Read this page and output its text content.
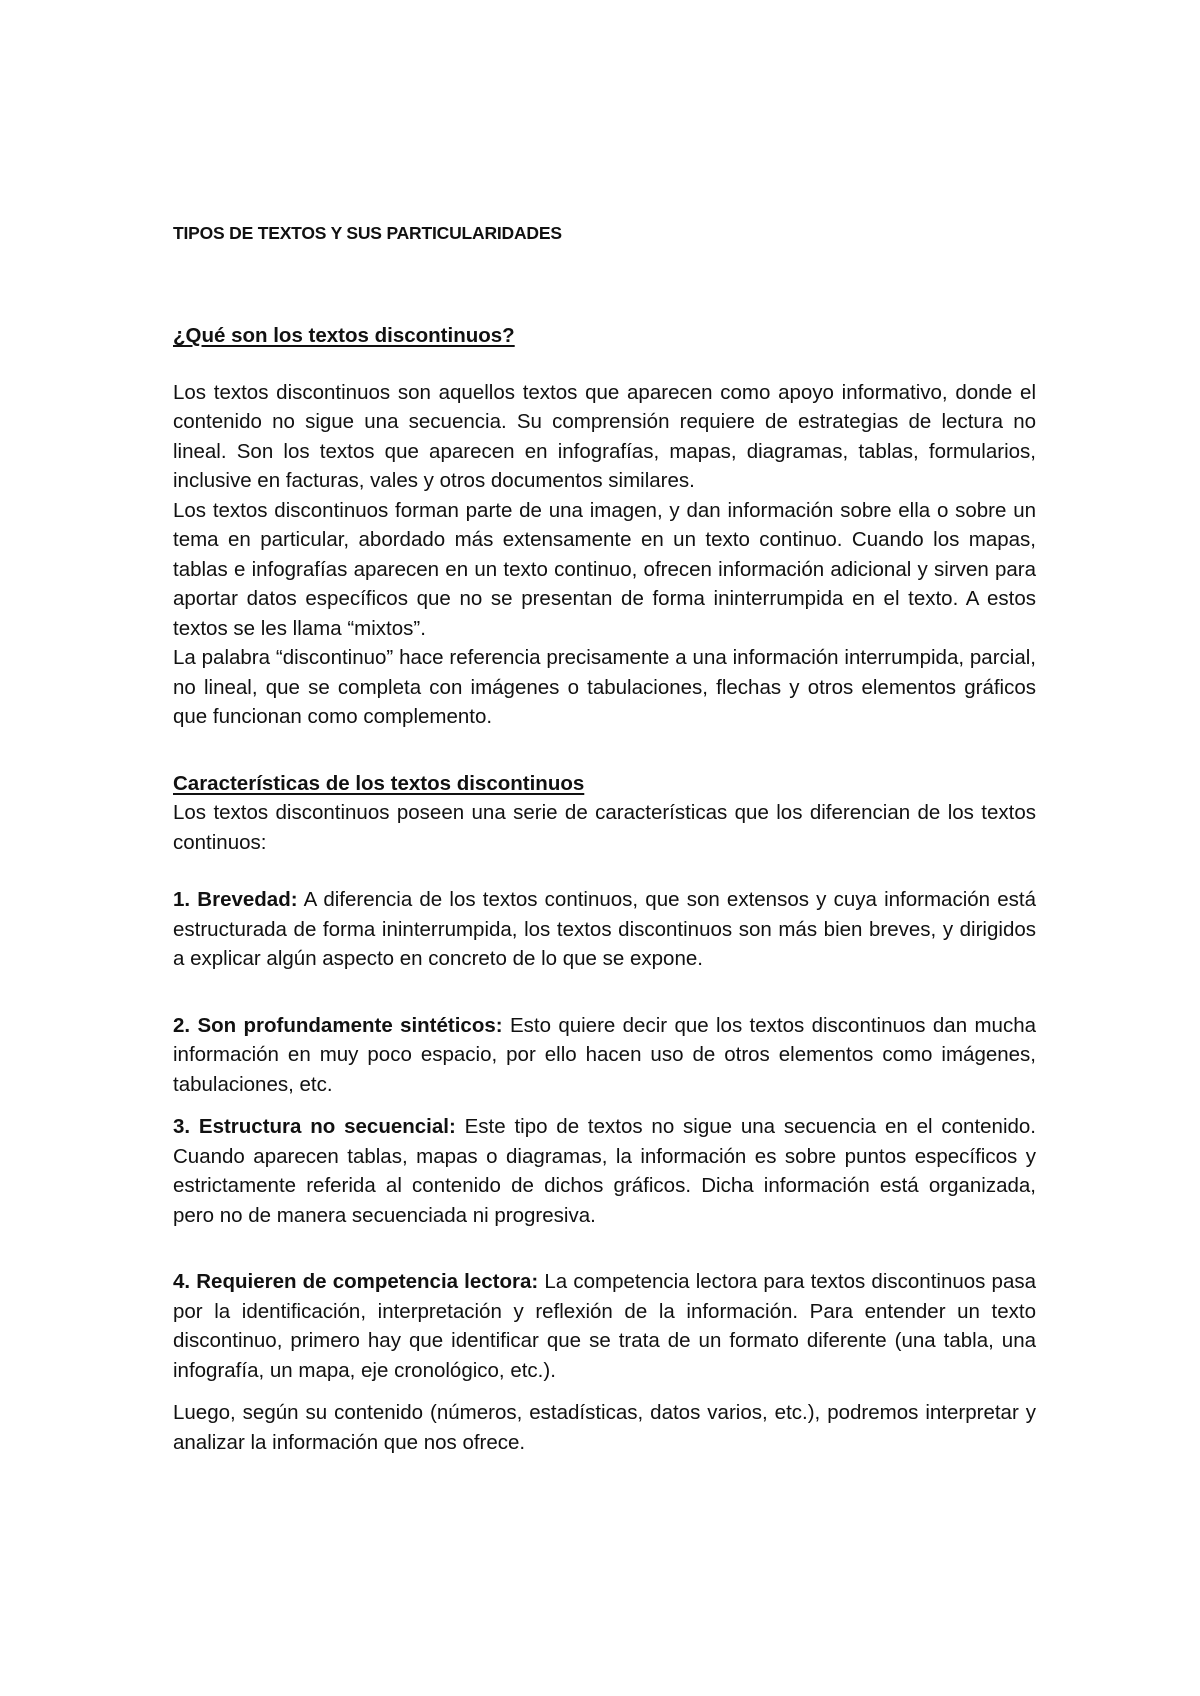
TIPOS DE TEXTOS Y SUS PARTICULARIDADES
¿Qué son los textos discontinuos?

Los textos discontinuos son aquellos textos que aparecen como apoyo informativo, donde el contenido no sigue una secuencia. Su comprensión requiere de estrategias de lectura no lineal. Son los textos que aparecen en infografías, mapas, diagramas, tablas, formularios, inclusive en facturas, vales y otros documentos similares.

Los textos discontinuos forman parte de una imagen, y dan información sobre ella o sobre un tema en particular, abordado más extensamente en un texto continuo. Cuando los mapas, tablas e infografías aparecen en un texto continuo, ofrecen información adicional y sirven para aportar datos específicos que no se presentan de forma ininterrumpida en el texto. A estos textos se les llama “mixtos”.

La palabra “discontinuo” hace referencia precisamente a una información interrumpida, parcial, no lineal, que se completa con imágenes o tabulaciones, flechas y otros elementos gráficos que funcionan como complemento.

Características de los textos discontinuos

Los textos discontinuos poseen una serie de características que los diferencian de los textos continuos:

1. Brevedad: A diferencia de los textos continuos, que son extensos y cuya información está estructurada de forma ininterrumpida, los textos discontinuos son más bien breves, y dirigidos a explicar algún aspecto en concreto de lo que se expone.

2. Son profundamente sintéticos: Esto quiere decir que los textos discontinuos dan mucha información en muy poco espacio, por ello hacen uso de otros elementos como imágenes, tabulaciones, etc.

3. Estructura no secuencial: Este tipo de textos no sigue una secuencia en el contenido. Cuando aparecen tablas, mapas o diagramas, la información es sobre puntos específicos y estrictamente referida al contenido de dichos gráficos. Dicha información está organizada, pero no de manera secuenciada ni progresiva.

4. Requieren de competencia lectora: La competencia lectora para textos discontinuos pasa por la identificación, interpretación y reflexión de la información. Para entender un texto discontinuo, primero hay que identificar que se trata de un formato diferente (una tabla, una infografía, un mapa, eje cronológico, etc.).

Luego, según su contenido (números, estadísticas, datos varios, etc.), podremos interpretar y analizar la información que nos ofrece.
